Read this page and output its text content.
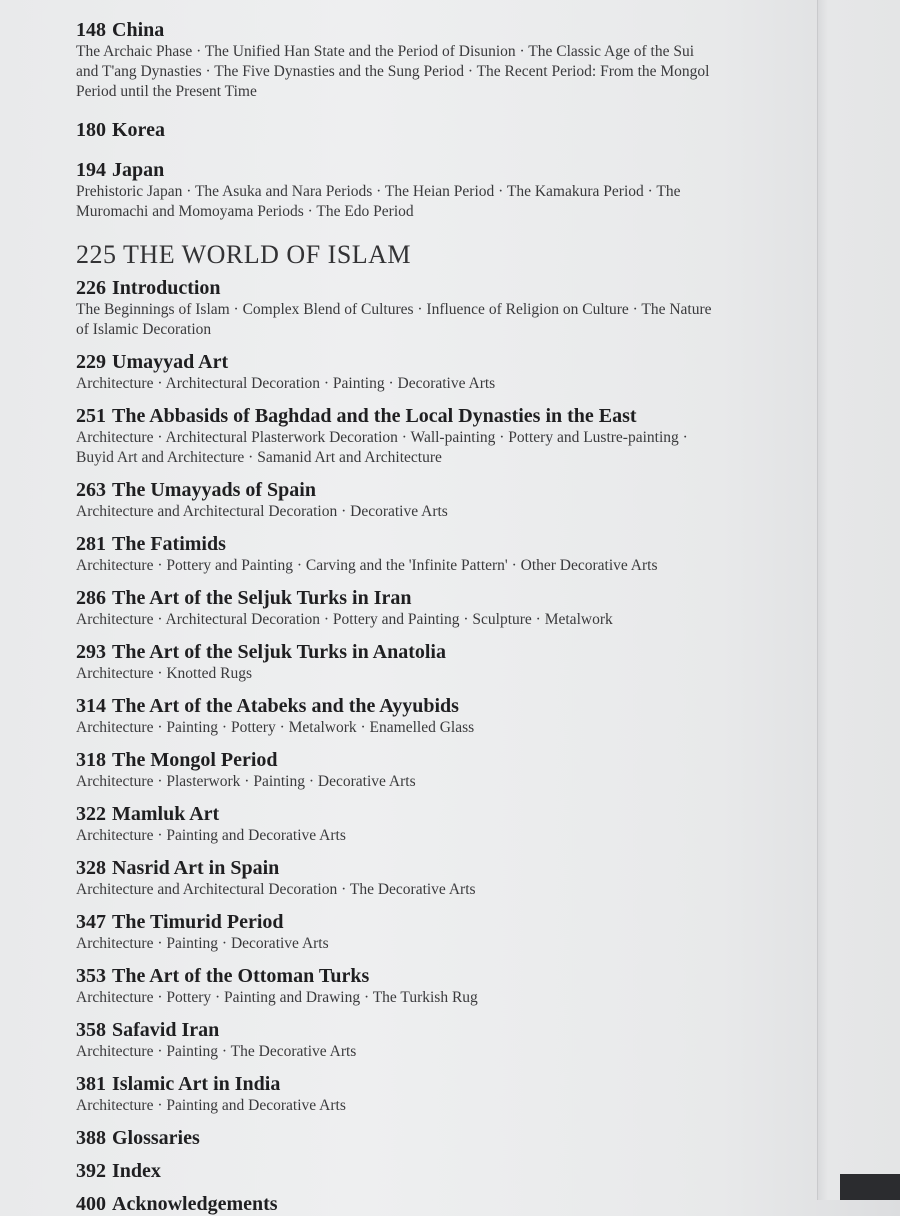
148 China
The Archaic Phase · The Unified Han State and the Period of Disunion · The Classic Age of the Sui and T'ang Dynasties · The Five Dynasties and the Sung Period · The Recent Period: From the Mongol Period until the Present Time
180 Korea
194 Japan
Prehistoric Japan · The Asuka and Nara Periods · The Heian Period · The Kamakura Period · The Muromachi and Momoyama Periods · The Edo Period
225 THE WORLD OF ISLAM
226 Introduction
The Beginnings of Islam · Complex Blend of Cultures · Influence of Religion on Culture · The Nature of Islamic Decoration
229 Umayyad Art
Architecture · Architectural Decoration · Painting · Decorative Arts
251 The Abbasids of Baghdad and the Local Dynasties in the East
Architecture · Architectural Plasterwork Decoration · Wall-painting · Pottery and Lustre-painting · Buyid Art and Architecture · Samanid Art and Architecture
263 The Umayyads of Spain
Architecture and Architectural Decoration · Decorative Arts
281 The Fatimids
Architecture · Pottery and Painting · Carving and the 'Infinite Pattern' · Other Decorative Arts
286 The Art of the Seljuk Turks in Iran
Architecture · Architectural Decoration · Pottery and Painting · Sculpture · Metalwork
293 The Art of the Seljuk Turks in Anatolia
Architecture · Knotted Rugs
314 The Art of the Atabeks and the Ayyubids
Architecture · Painting · Pottery · Metalwork · Enamelled Glass
318 The Mongol Period
Architecture · Plasterwork · Painting · Decorative Arts
322 Mamluk Art
Architecture · Painting and Decorative Arts
328 Nasrid Art in Spain
Architecture and Architectural Decoration · The Decorative Arts
347 The Timurid Period
Architecture · Painting · Decorative Arts
353 The Art of the Ottoman Turks
Architecture · Pottery · Painting and Drawing · The Turkish Rug
358 Safavid Iran
Architecture · Painting · The Decorative Arts
381 Islamic Art in India
Architecture · Painting and Decorative Arts
388 Glossaries
392 Index
400 Acknowledgements
